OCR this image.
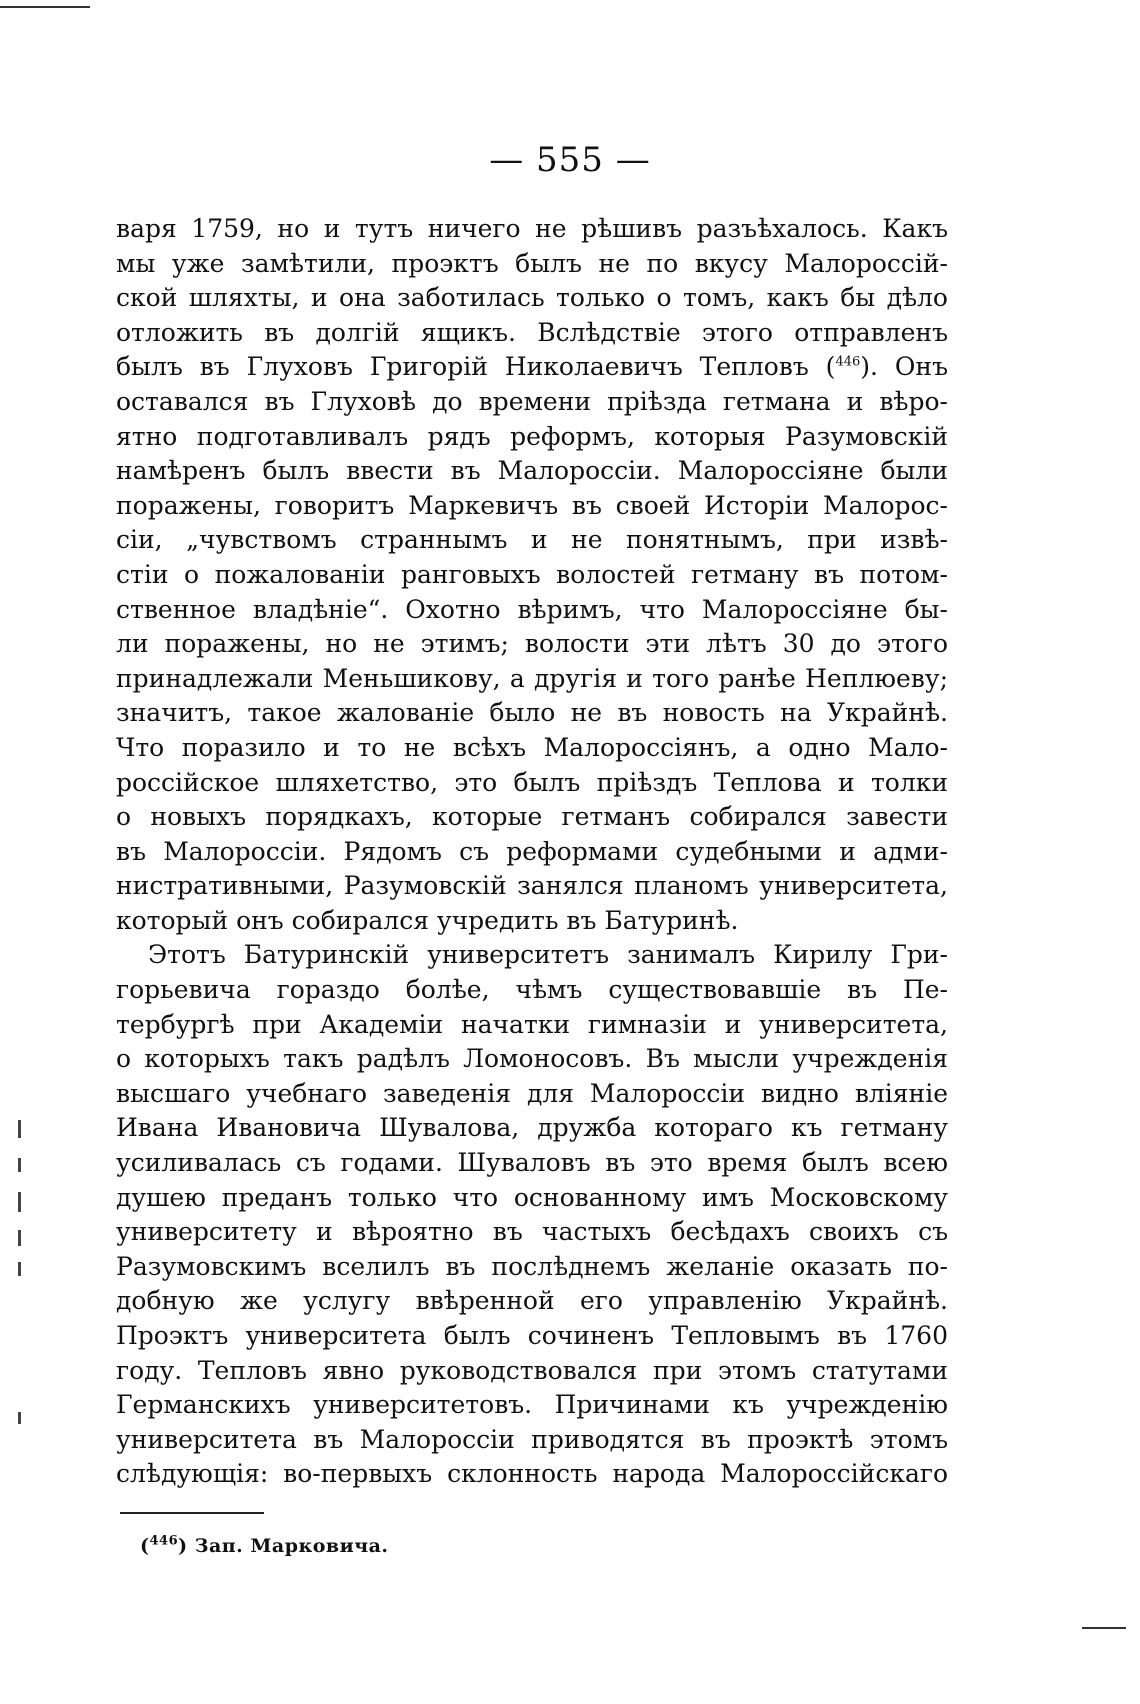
— 555 —
варя 1759, но и тутъ ничего не рѣшивъ разъѣхалось. Какъ
мы уже замѣтили, проэктъ былъ не по вкусу Малороссій-
ской шляхты, и она заботилась только о томъ, какъ бы дѣло
отложить въ долгій ящикъ. Вслѣдствіе этого отправленъ
былъ въ Глуховъ Григорій Николаевичъ Тепловъ ($^{446}$). Онъ
оставался въ Глуховѣ до времени пріѣзда гетмана и вѣро-
ятно подготавливалъ рядъ реформъ, которыя Разумовскій
намѣренъ былъ ввести въ Малороссіи. Малороссіяне были
поражены, говоритъ Маркевичъ въ своей Исторіи Малорос-
сіи, „чувствомъ страннымъ и не понятнымъ, при извѣ-
стіи о пожалованіи ранговыхъ волостей гетману въ потом-
ственное владѣніе“. Охотно вѣримъ, что Малороссіяне бы-
ли поражены, но не этимъ; волости эти лѣтъ 30 до этого
принадлежали Меньшикову, а другія и того ранѣе Неплюеву;
значитъ, такое жалованіе было не въ новость на Украйнѣ.
Что поразило и то не всѣхъ Малороссіянъ, а одно Мало-
россійское шляхетство, это былъ пріѣздъ Теплова и толки
о новыхъ порядкахъ, которые гетманъ собирался завести
въ Малороссіи. Рядомъ съ реформами судебными и адми-
нистративными, Разумовскій занялся планомъ университета,
который онъ собирался учредить въ Батуринѣ.
Этотъ Батуринскій университетъ занималъ Кирилу Гри-
горьевича гораздо болѣе, чѣмъ существовавшіе въ Пе-
тербургѣ при Академіи начатки гимназіи и университета,
о которыхъ такъ радѣлъ Ломоносовъ. Въ мысли учрежденія
высшаго учебнаго заведенія для Малороссіи видно вліяніе
Ивана Ивановича Шувалова, дружба котораго къ гетману
усиливалась съ годами. Шуваловъ въ это время былъ всею
душею преданъ только что основанному имъ Московскому
университету и вѣроятно въ частыхъ бесѣдахъ своихъ съ
Разумовскимъ вселилъ въ послѣднемъ желаніе оказать по-
добную же услугу ввѣренной его управленію Украйнѣ.
Проэктъ университета былъ сочиненъ Тепловымъ въ 1760
году. Тепловъ явно руководствовался при этомъ статутами
Германскихъ университетовъ. Причинами къ учрежденію
университета въ Малороссіи приводятся въ проэктѣ этомъ
слѣдующія: во-первыхъ склонность народа Малороссійскаго
($^{446}$) Зап. Марковича.
